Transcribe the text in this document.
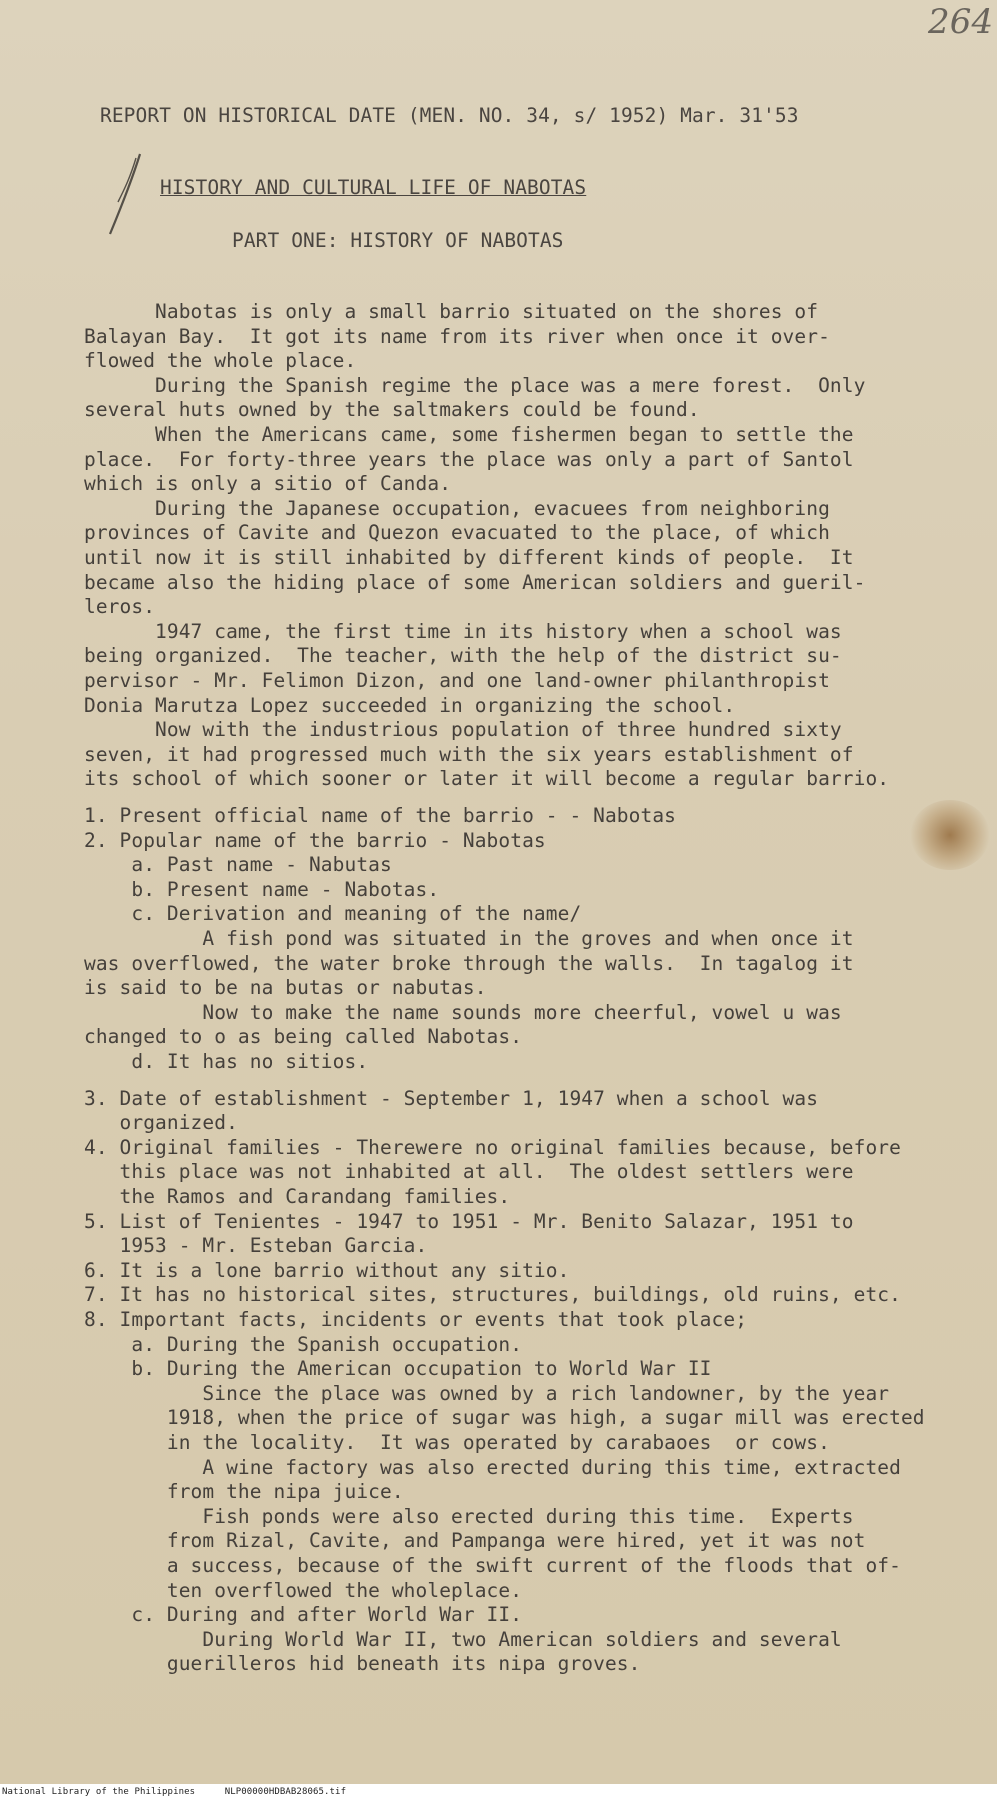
264
REPORT ON HISTORICAL DATE (MEN. NO. 34, s/ 1952) Mar. 31'53
HISTORY AND CULTURAL LIFE OF NABOTAS
PART ONE: HISTORY OF NABOTAS
Nabotas is only a small barrio situated on the shores of
Balayan Bay.  It got its name from its river when once it over-
flowed the whole place.
During the Spanish regime the place was a mere forest.  Only
several huts owned by the saltmakers could be found.
When the Americans came, some fishermen began to settle the
place.  For forty-three years the place was only a part of Santol
which is only a sitio of Canda.
During the Japanese occupation, evacuees from neighboring
provinces of Cavite and Quezon evacuated to the place, of which
until now it is still inhabited by different kinds of people.  It
became also the hiding place of some American soldiers and gueril-
leros.
1947 came, the first time in its history when a school was
being organized.  The teacher, with the help of the district su-
pervisor - Mr. Felimon Dizon, and one land-owner philanthropist
Donia Marutza Lopez succeeded in organizing the school.
Now with the industrious population of three hundred sixty
seven, it had progressed much with the six years establishment of
its school of which sooner or later it will become a regular barrio.
1. Present official name of the barrio - - Nabotas
2. Popular name of the barrio - Nabotas
a. Past name - Nabutas
b. Present name - Nabotas.
c. Derivation and meaning of the name/
A fish pond was situated in the groves and when once it
was overflowed, the water broke through the walls.  In tagalog it
is said to be na butas or nabutas.
Now to make the name sounds more cheerful, vowel u was
changed to o as being called Nabotas.
d. It has no sitios.
3. Date of establishment - September 1, 1947 when a school was
organized.
4. Original families - Therewere no original families because, before
this place was not inhabited at all.  The oldest settlers were
the Ramos and Carandang families.
5. List of Tenientes - 1947 to 1951 - Mr. Benito Salazar, 1951 to
1953 - Mr. Esteban Garcia.
6. It is a lone barrio without any sitio.
7. It has no historical sites, structures, buildings, old ruins, etc.
8. Important facts, incidents or events that took place;
a. During the Spanish occupation.
b. During the American occupation to World War II
Since the place was owned by a rich landowner, by the year
1918, when the price of sugar was high, a sugar mill was erected
in the locality.  It was operated by carabaoes  or cows.
A wine factory was also erected during this time, extracted
from the nipa juice.
Fish ponds were also erected during this time.  Experts
from Rizal, Cavite, and Pampanga were hired, yet it was not
a success, because of the swift current of the floods that of-
ten overflowed the wholeplace.
c. During and after World War II.
During World War II, two American soldiers and several
guerilleros hid beneath its nipa groves.
National Library of the Philippines	NLP00000HDBAB28065.tif
